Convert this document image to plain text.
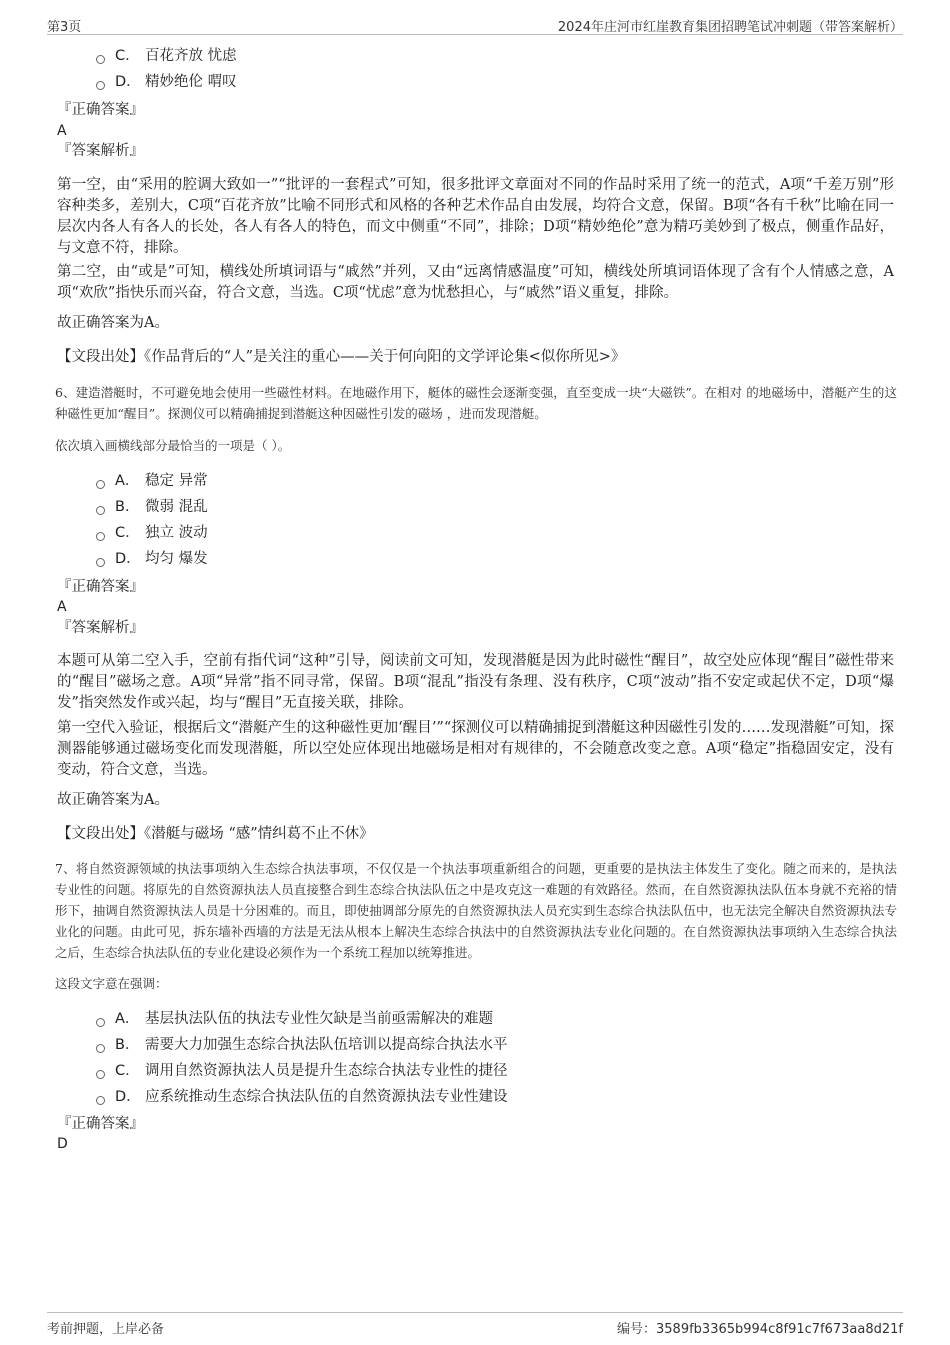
第3页	2024年庄河市红崖教育集团招聘笔试冲刺题（带答案解析）
C． 百花齐放 忧虑
D． 精妙绝伦 喟叹
『正确答案』
A
『答案解析』
第一空，由“采用的腔调大致如一”“批评的一套程式”可知，很多批评文章面对不同的作品时采用了统一的范式，A项“千差万别”形容种类多，差别大，C项“百花齐放”比喻不同形式和风格的各种艺术作品自由发展，均符合文意，保留。B项“各有千秋”比喻在同一层次内各人有各人的长处，各人有各人的特色，而文中侧重“不同”，排除；D项“精妙绝伦”意为精巧美妙到了极点，侧重作品好，与文意不符，排除。
第二空，由“或是”可知，横线处所填词语与“戚然”并列，又由“远离情感温度”可知，横线处所填词语体现了含有个人情感之意，A项“欢欣”指快乐而兴奋，符合文意，当选。C项“忧虑”意为忧愁担心，与“戚然”语义重复，排除。
故正确答案为A。
【文段出处】《作品背后的“人”是关注的重心——关于何向阳的文学评论集<似你所见>》
6、建造潜艇时，不可避免地会使用一些磁性材料。在地磁作用下，艇体的磁性会逐渐变强，直至变成一块“大磁铁”。在相对 的地磁场中，潜艇产生的这种磁性更加“醒目”。探测仪可以精确捕捉到潜艇这种因磁性引发的磁场 ，进而发现潜艇。
依次填入画横线部分最恰当的一项是（ ）。
A． 稳定 异常
B． 微弱 混乱
C． 独立 波动
D． 均匀 爆发
『正确答案』
A
『答案解析』
本题可从第二空入手，空前有指代词“这种”引导，阅读前文可知，发现潜艇是因为此时磁性“醒目”，故空处应体现“醒目”磁性带来的“醒目”磁场之意。A项“异常”指不同寻常，保留。B项“混乱”指没有条理、没有秩序，C项“波动”指不安定或起伏不定，D项“爆发”指突然发作或兴起，均与“醒目”无直接关联，排除。
第一空代入验证，根据后文“潜艇产生的这种磁性更加‘醒目’”“探测仪可以精确捕捉到潜艇这种因磁性引发的……发现潜艇”可知，探测器能够通过磁场变化而发现潜艇，所以空处应体现出地磁场是相对有规律的，不会随意改变之意。A项“稳定”指稳固安定，没有变动，符合文意，当选。
故正确答案为A。
【文段出处】《潜艇与磁场 “感”情纠葛不止不休》
7、将自然资源领域的执法事项纳入生态综合执法事项，不仅仅是一个执法事项重新组合的问题，更重要的是执法主体发生了变化。随之而来的，是执法专业性的问题。将原先的自然资源执法人员直接整合到生态综合执法队伍之中是攻克这一难题的有效路径。然而，在自然资源执法队伍本身就不充裕的情形下，抽调自然资源执法人员是十分困难的。而且，即使抽调部分原先的自然资源执法人员充实到生态综合执法队伍中，也无法完全解决自然资源执法专业化的问题。由此可见，拆东墙补西墙的方法是无法从根本上解决生态综合执法中的自然资源执法专业化问题的。在自然资源执法事项纳入生态综合执法之后，生态综合执法队伍的专业化建设必须作为一个系统工程加以统筹推进。
这段文字意在强调：
A． 基层执法队伍的执法专业性欠缺是当前亟需解决的难题
B． 需要大力加强生态综合执法队伍培训以提高综合执法水平
C． 调用自然资源执法人员是提升生态综合执法专业性的捷径
D． 应系统推动生态综合执法队伍的自然资源执法专业性建设
『正确答案』
D
考前押题，上岸必备	编号：3589fb3365b994c8f91c7f673aa8d21f
